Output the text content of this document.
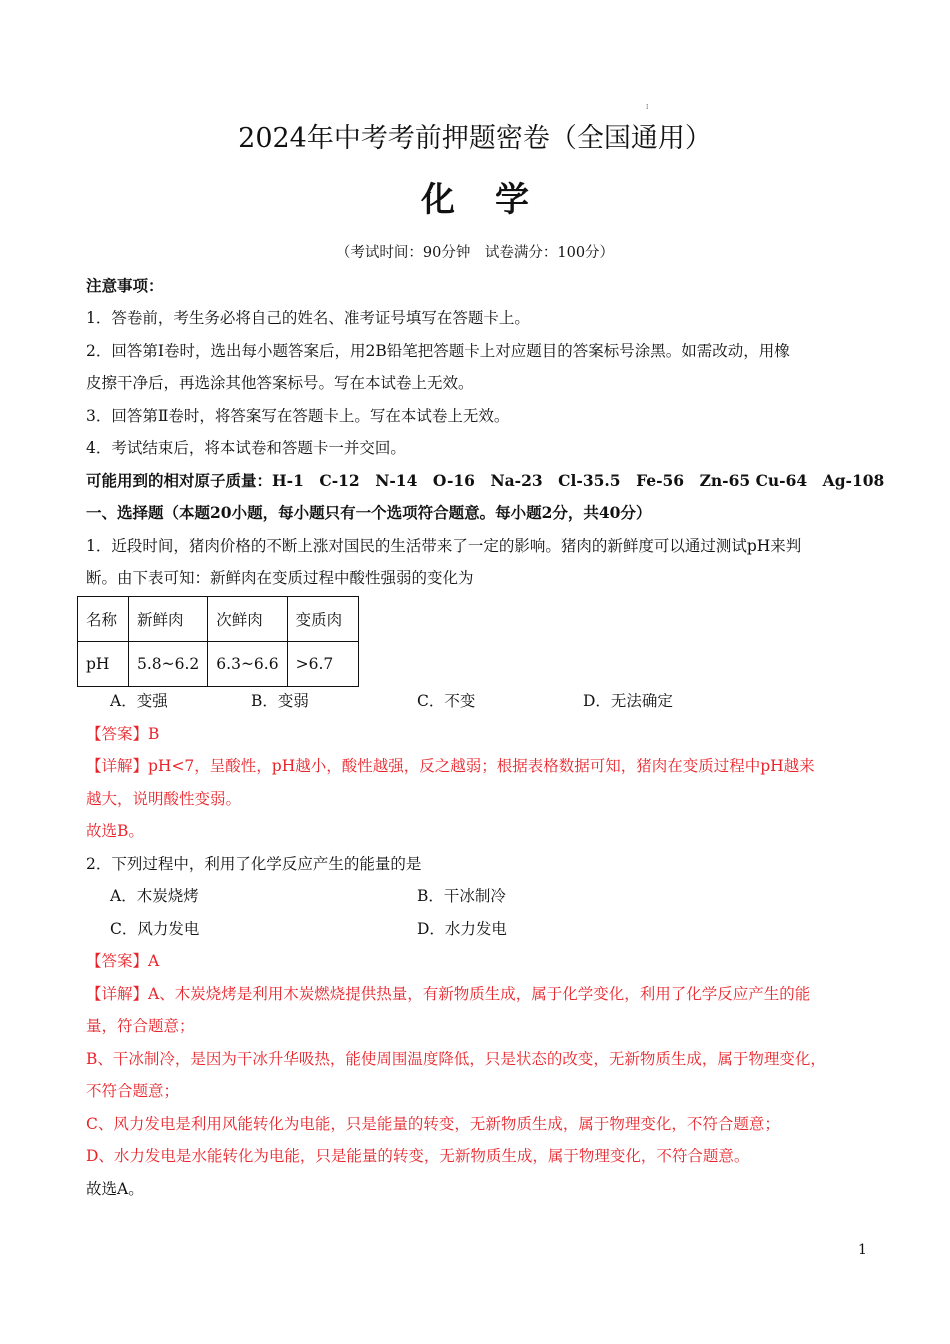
I
2024年中考考前押题密卷（全国通用）
化学
（考试时间：90分钟　试卷满分：100分）
注意事项：
1．答卷前，考生务必将自己的姓名、准考证号填写在答题卡上。
2．回答第Ⅰ卷时，选出每小题答案后，用2B铅笔把答题卡上对应题目的答案标号涂黑。如需改动，用橡
皮擦干净后，再选涂其他答案标号。写在本试卷上无效。
3．回答第Ⅱ卷时，将答案写在答题卡上。写在本试卷上无效。
4．考试结束后，将本试卷和答题卡一并交回。
可能用到的相对原子质量：H-1　C-12　N-14　O-16　Na-23　Cl-35.5　Fe-56　Zn-65 Cu-64　Ag-108
一、选择题（本题20小题，每小题只有一个选项符合题意。每小题2分，共40分）
1．近段时间，猪肉价格的不断上涨对国民的生活带来了一定的影响。猪肉的新鲜度可以通过测试pH来判
断。由下表可知：新鲜肉在变质过程中酸性强弱的变化为
名称	新鲜肉	次鲜肉	变质肉
pH	5.8~6.2	6.3~6.6	>6.7
A．变强	B．变弱	C．不变	D．无法确定
【答案】B
【详解】pH<7，呈酸性，pH越小，酸性越强，反之越弱；根据表格数据可知，猪肉在变质过程中pH越来
越大，说明酸性变弱。
故选B。
2．下列过程中，利用了化学反应产生的能量的是
A．木炭烧烤	B．干冰制冷
C．风力发电	D．水力发电
【答案】A
【详解】A、木炭烧烤是利用木炭燃烧提供热量，有新物质生成，属于化学变化，利用了化学反应产生的能
量，符合题意；
B、干冰制冷，是因为干冰升华吸热，能使周围温度降低，只是状态的改变，无新物质生成，属于物理变化，
不符合题意；
C、风力发电是利用风能转化为电能，只是能量的转变，无新物质生成，属于物理变化，不符合题意；
D、水力发电是水能转化为电能，只是能量的转变，无新物质生成，属于物理变化，不符合题意。
故选A。
1
